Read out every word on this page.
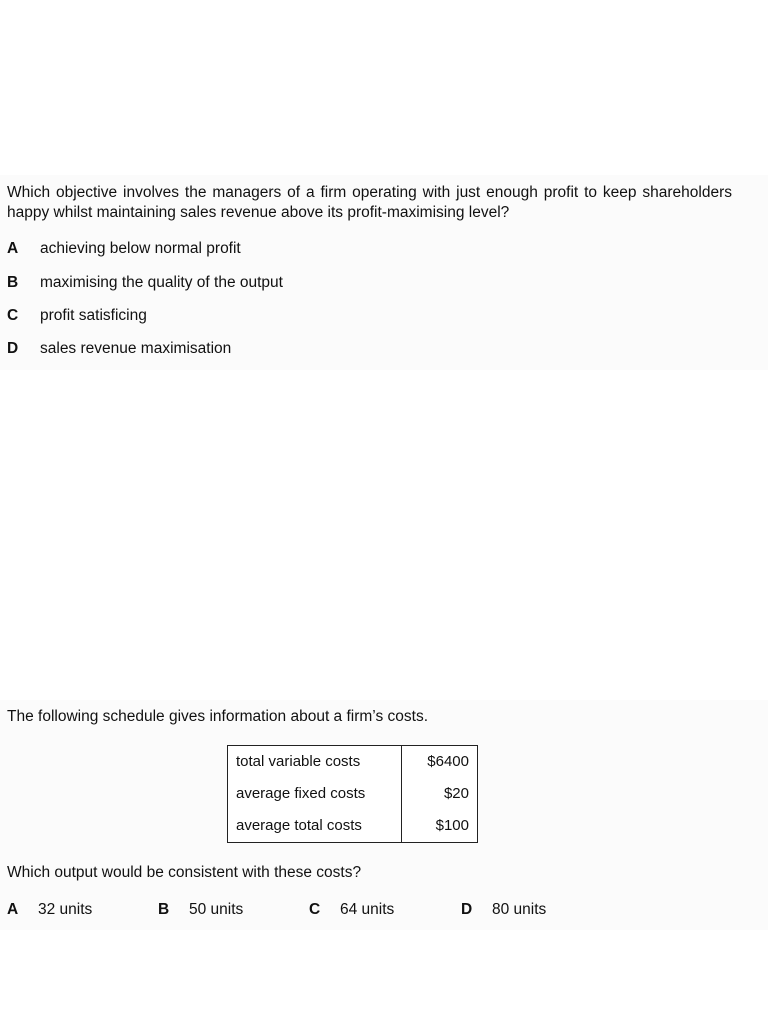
Which objective involves the managers of a firm operating with just enough profit to keep shareholders happy whilst maintaining sales revenue above its profit-maximising level?
A	achieving below normal profit
B	maximising the quality of the output
C	profit satisficing
D	sales revenue maximisation
The following schedule gives information about a firm’s costs.
total variable costs	$6400
average fixed costs	$20
average total costs	$100
Which output would be consistent with these costs?
A 32 units	B 50 units	C 64 units	D 80 units
